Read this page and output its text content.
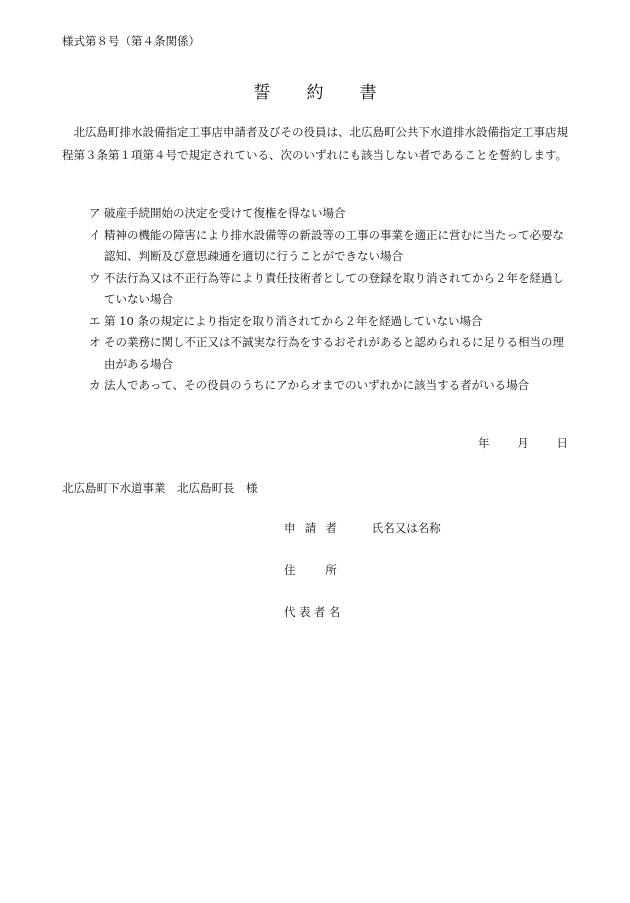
様式第８号（第４条関係）
誓 約 書
北広島町排水設備指定工事店申請者及びその役員は、北広島町公共下水道排水設備指定工事店規程第３条第１項第４号で規定されている、次のいずれにも該当しない者であることを誓約します。
ア 破産手続開始の決定を受けて復権を得ない場合
イ 精神の機能の障害により排水設備等の新設等の工事の事業を適正に営むに当たって必要な認知、判断及び意思疎通を適切に行うことができない場合
ウ 不法行為又は不正行為等により責任技術者としての登録を取り消されてから２年を経過していない場合
エ 第 10 条の規定により指定を取り消されてから２年を経過していない場合
オ その業務に関し不正又は不誠実な行為をするおそれがあると認められるに足りる相当の理由がある場合
カ 法人であって、その役員のうちにアからオまでのいずれかに該当する者がいる場合
年 月 日
北広島町下水道事業　北広島町長　様
申請者 氏名又は名称
住所
代表者名
